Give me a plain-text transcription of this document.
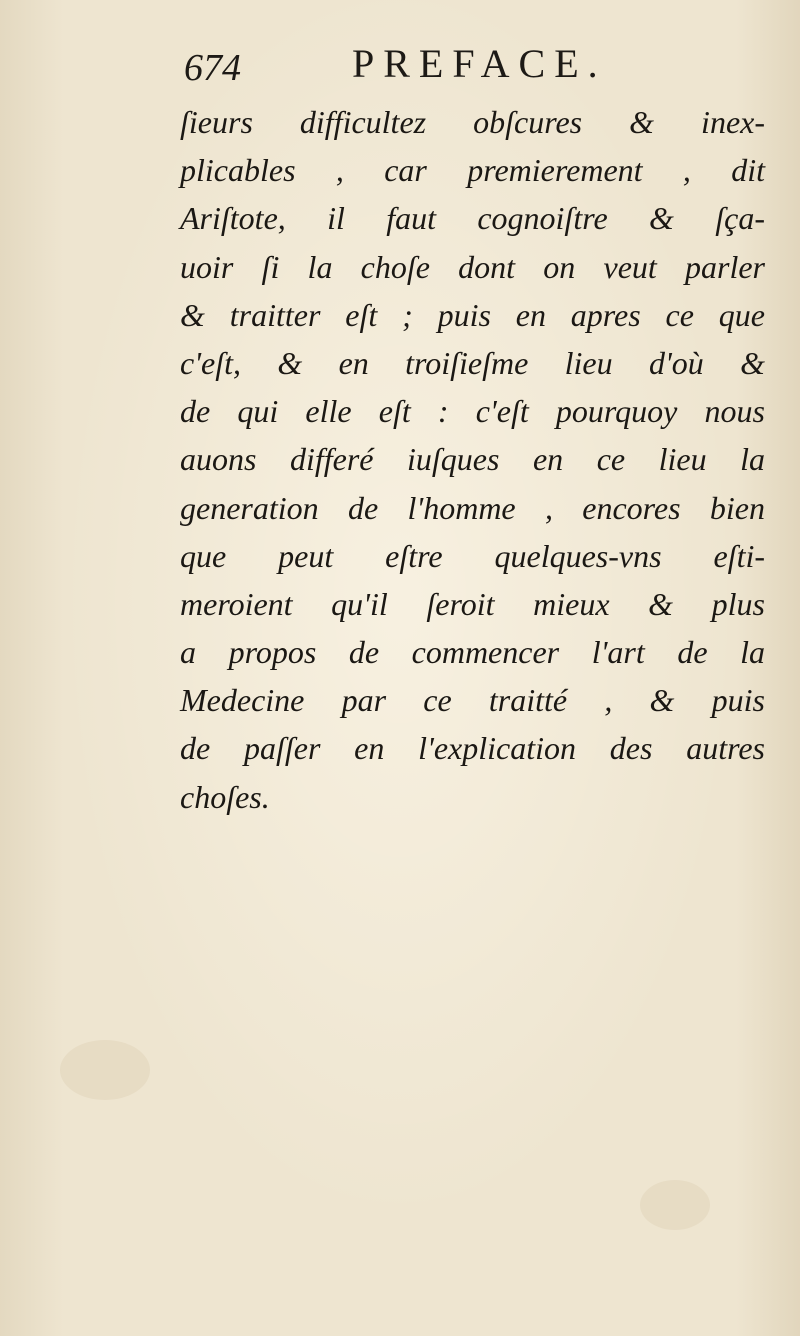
674	PREFACE.
ſieurs difficultez obſcures & inex-
plicables , car premierement , dit
Ariſtote, il faut cognoiſtre & ſça-
uoir ſi la choſe dont on veut parler
& traitter eſt ; puis en apres ce que
c'eſt, & en troiſieſme lieu d'où &
de qui elle eſt : c'eſt pourquoy nous
auons differé iuſques en ce lieu la
generation de l'homme , encores bien
que peut eſtre quelques-vns eſti-
meroient qu'il ſeroit mieux & plus
a propos de commencer l'art de la
Medecine par ce traitté , & puis
de paſſer en l'explication des autres
choſes.
